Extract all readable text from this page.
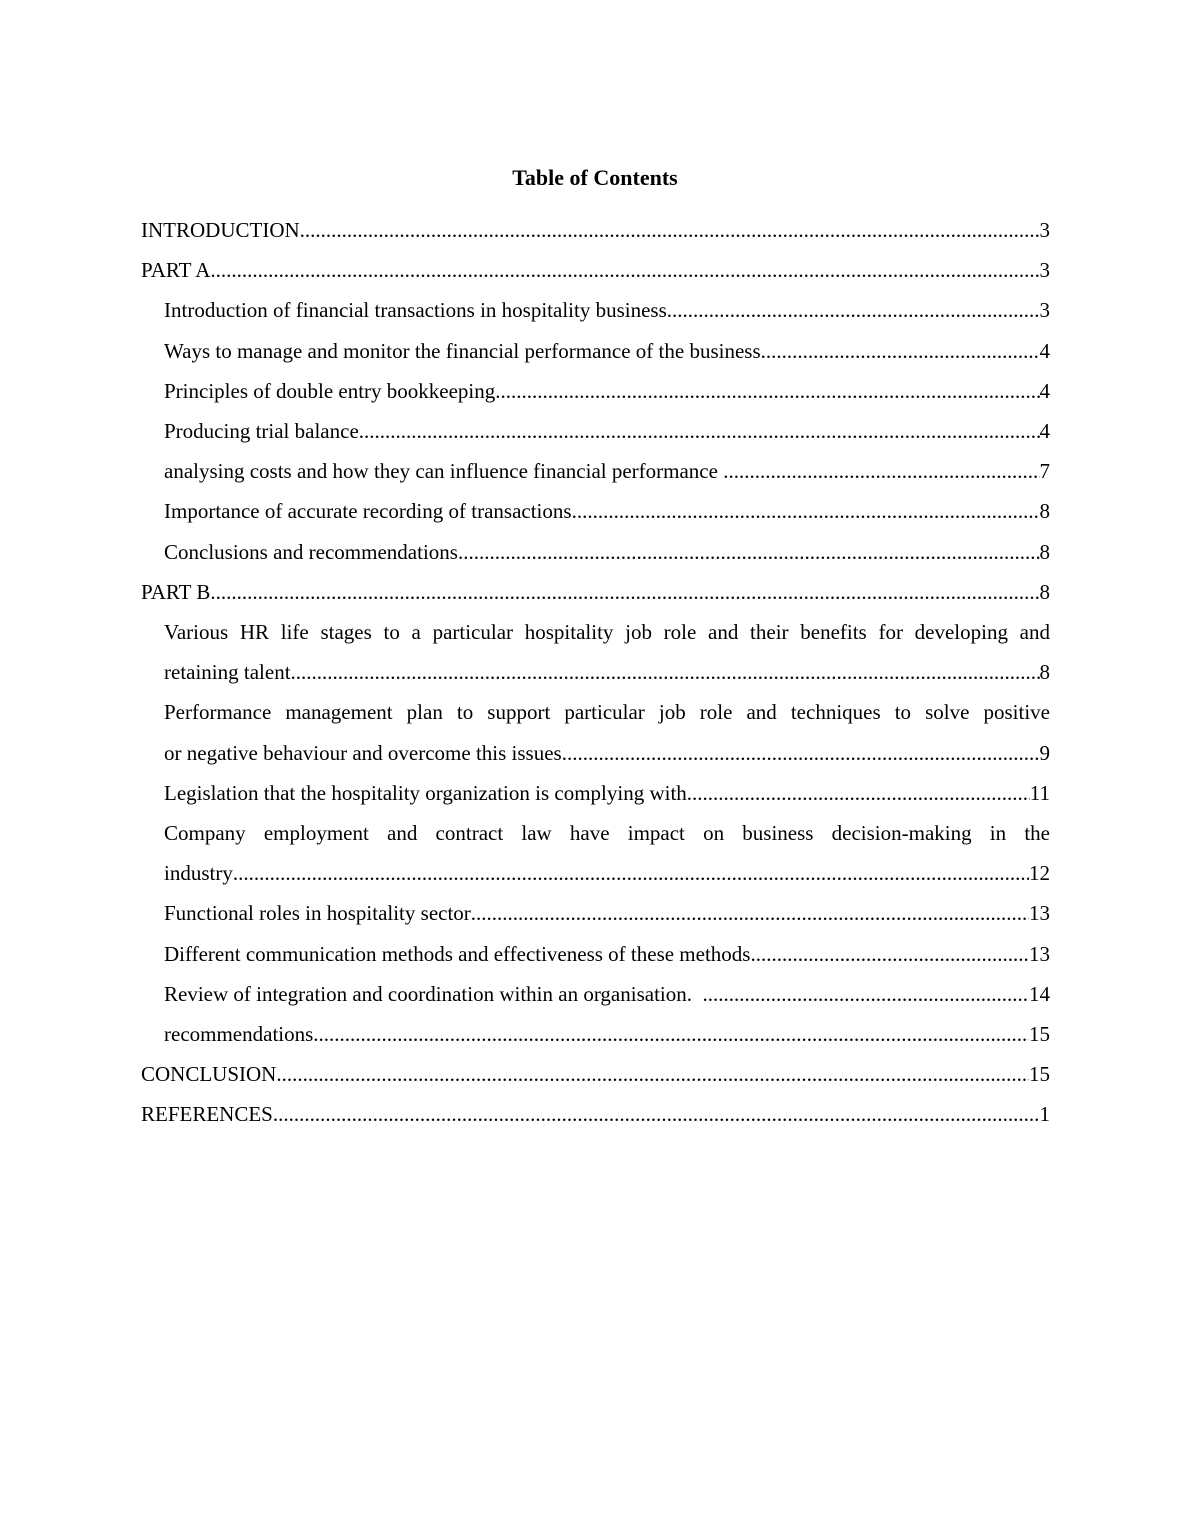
Table of Contents
INTRODUCTION .....	3
PART A .....	3
Introduction of financial transactions in hospitality business .....	3
Ways to manage and monitor the financial performance of the business .....	4
Principles of double entry bookkeeping .....	4
Producing trial balance .....	4
analysing costs and how they can influence financial performance .....	7
Importance of accurate recording of transactions .....	8
Conclusions and recommendations .....	8
PART B .....	8
Various HR life stages to a particular hospitality job role and their benefits for developing and
retaining talent .....	8
Performance management plan to support particular job role and techniques to solve positive
or negative behaviour and overcome this issues .....	9
Legislation that the hospitality organization is complying with .....	11
Company employment and contract law have impact on business decision-making in the
industry .....	12
Functional roles in hospitality sector .....	13
Different communication methods and effectiveness of these methods .....	13
Review of integration and coordination within an organisation. .....	14
recommendations .....	15
CONCLUSION .....	15
REFERENCES .....	1
